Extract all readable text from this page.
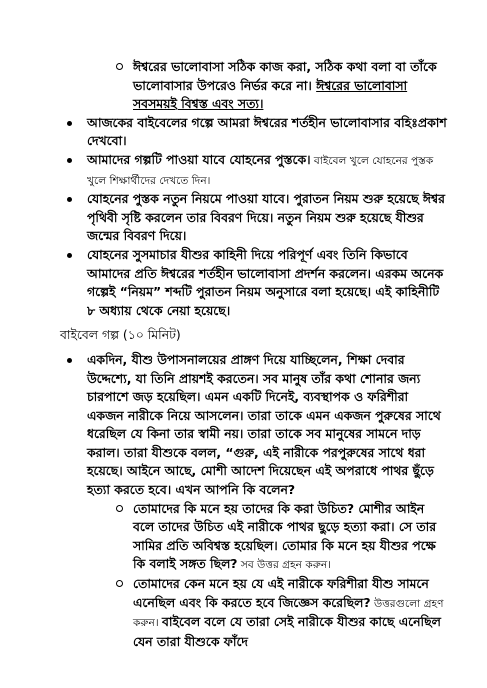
ঈশ্বরের ভালোবাসা সঠিক কাজ করা, সঠিক কথা বলা বা তাঁকে ভালোবাসার উপরেও নির্ভর করে না। ঈশ্বরের ভালোবাসা সবসময়ই বিশ্বস্ত এবং সত্য।
আজকের বাইবেলের গল্পে আমরা ঈশ্বরের শর্তহীন ভালোবাসার বহিঃপ্রকাশ দেখবো।
আমাদের গল্পটি পাওয়া যাবে যোহনের পুস্তকে। বাইবেল খুলে যোহনের পুস্তক খুলে শিক্ষার্থীদের দেখতে দিন।
যোহনের পুস্তক নতুন নিয়মে পাওয়া যাবে। পুরাতন নিয়ম শুরু হয়েছে ঈশ্বর পৃথিবী সৃষ্টি করলেন তার বিবরণ দিয়ে। নতুন নিয়ম শুরু হয়েছে যীশুর জন্মের বিবরণ দিয়ে।
যোহনের সুসমাচার যীশুর কাহিনী দিয়ে পরিপূর্ণ এবং তিনি কিভাবে আমাদের প্রতি ঈশ্বরের শর্তহীন ভালোবাসা প্রদর্শন করলেন। এরকম অনেক গল্পেই “নিয়ম” শব্দটি পুরাতন নিয়ম অনুসারে বলা হয়েছে। এই কাহিনীটি ৮ অধ্যায় থেকে নেয়া হয়েছে।
বাইবেল গল্প (১০ মিনিট)
একদিন, যীশু উপাসনালয়ের প্রাঙ্গণ দিয়ে যাচ্ছিলেন, শিক্ষা দেবার উদ্দেশ্যে, যা তিনি প্রায়শই করতেন। সব মানুষ তাঁর কথা শোনার জন্য চারপাশে জড় হয়েছিল। এমন একটি দিনেই, ব্যবস্থাপক ও ফরিশীরা একজন নারীকে নিয়ে আসলেন। তারা তাকে এমন একজন পুরুষের সাথে ধরেছিল যে কিনা তার স্বামী নয়। তারা তাকে সব মানুষের সামনে দাড় করাল। তারা যীশুকে বলল, “গুরু, এই নারীকে পরপুরুষের সাথে ধরা হয়েছে। আইনে আছে, মোশী আদেশ দিয়েছেন এই অপরাধে পাথর ছুঁড়ে হত্যা করতে হবে। এখন আপনি কি বলেন?
তোমাদের কি মনে হয় তাদের কি করা উচিত? মোশীর আইন বলে তাদের উচিত এই নারীকে পাথর ছুড়ে হত্যা করা। সে তার সামির প্রতি অবিশ্বস্ত হয়েছিল। তোমার কি মনে হয় যীশুর পক্ষে কি বলাই সঙ্গত ছিল? সব উত্তর গ্রহন করুন।
তোমাদের কেন মনে হয় যে এই নারীকে ফরিশীরা যীশু সামনে এনেছিল এবং কি করতে হবে জিজ্ঞেস করেছিল? উত্তরগুলো গ্রহণ করুন। বাইবেল বলে যে তারা সেই নারীকে যীশুর কাছে এনেছিল যেন তারা যীশুকে ফাঁদে
